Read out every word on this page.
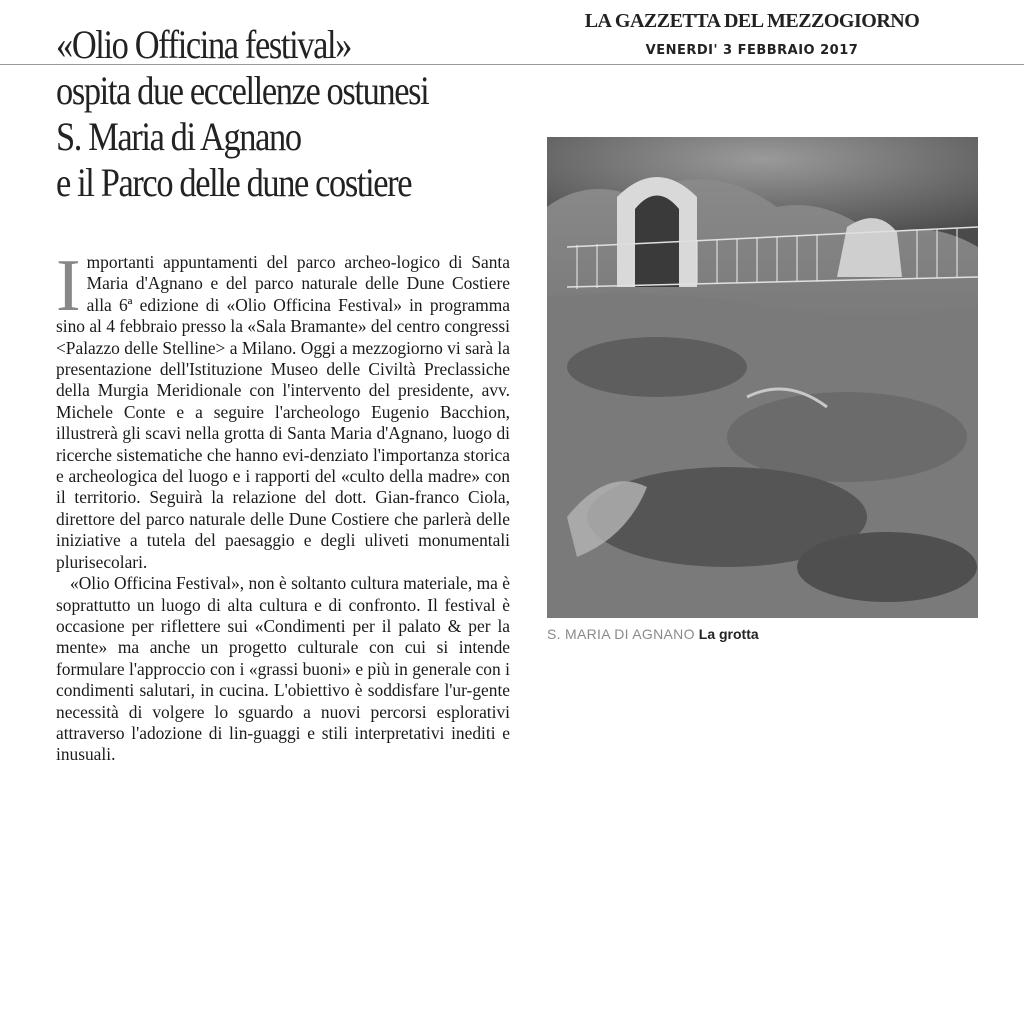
LA GAZZETTA DEL MEZZOGIORNO
VENERDI' 3 FEBBRAIO 2017
«Olio Officina festival»
ospita due eccellenze ostunesi
S. Maria di Agnano
e il Parco delle dune costiere

Importanti appuntamenti del parco archeo-logico di Santa Maria d'Agnano e del parco naturale delle Dune Costiere alla 6ª edizione di «Olio Officina Festival» in programma sino al 4 febbraio presso la «Sala Bramante» del centro congressi <Palazzo delle Stelline> a Milano. Oggi a mezzogiorno vi sarà la presentazione dell'Istituzione Museo delle Civiltà Preclassiche della Murgia Meridionale con l'intervento del presidente, avv. Michele Conte e a seguire l'archeologo Eugenio Bacchion, illustrerà gli scavi nella grotta di Santa Maria d'Agnano, luogo di ricerche sistematiche che hanno evi-denziato l'importanza storica e archeologica del luogo e i rapporti del «culto della madre» con il territorio. Seguirà la relazione del dott. Gian-franco Ciola, direttore del parco naturale delle Dune Costiere che parlerà delle iniziative a tutela del paesaggio e degli uliveti monumentali plurisecolari.

«Olio Officina Festival», non è soltanto cultura materiale, ma è soprattutto un luogo di alta cultura e di confronto. Il festival è occasione per riflettere sui «Condimenti per il palato & per la mente» ma anche un progetto culturale con cui si intende formulare l'approccio con i «grassi buoni» e più in generale con i condimenti salutari, in cucina. L'obiettivo è soddisfare l'ur-gente necessità di volgere lo sguardo a nuovi percorsi esplorativi attraverso l'adozione di lin-guaggi e stili interpretativi inediti e inusuali.

S. MARIA DI AGNANO La grotta
